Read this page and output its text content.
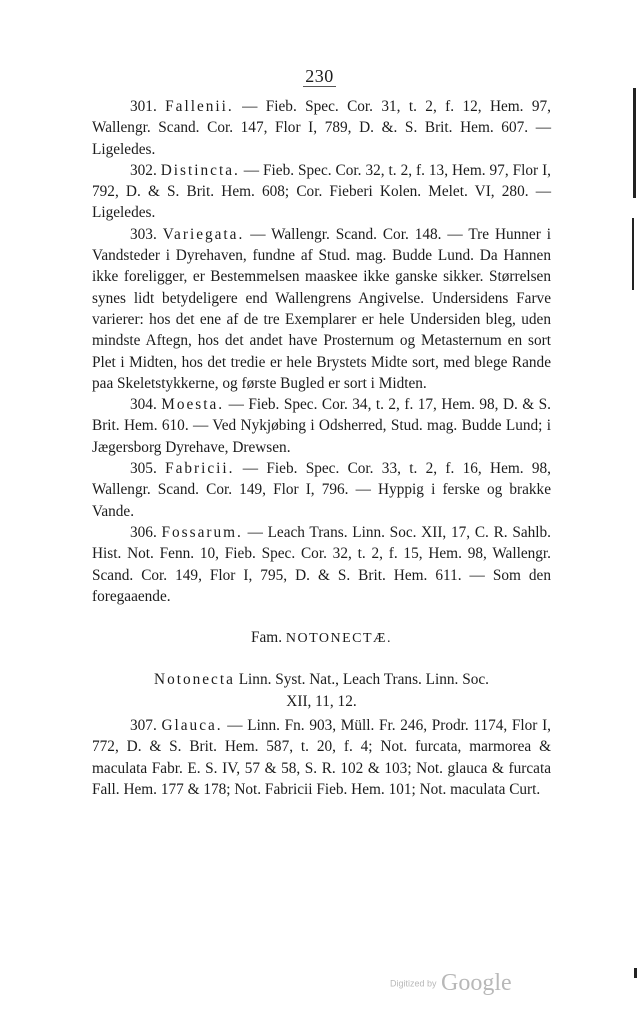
230

301. Fallenii. — Fieb. Spec. Cor. 31, t. 2, f. 12, Hem. 97, Wallengr. Scand. Cor. 147, Flor I, 789, D. &. S. Brit. Hem. 607. — Ligeledes.

302. Distincta. — Fieb. Spec. Cor. 32, t. 2, f. 13, Hem. 97, Flor I, 792, D. & S. Brit. Hem. 608; Cor. Fieberi Kolen. Melet. VI, 280. — Ligeledes.

303. Variegata. — Wallengr. Scand. Cor. 148. — Tre Hunner i Vandsteder i Dyrehaven, fundne af Stud. mag. Budde Lund. Da Hannen ikke foreligger, er Bestemmelsen maaskee ikke ganske sikker. Størrelsen synes lidt betydeligere end Wallengrens Angivelse. Undersidens Farve varierer: hos det ene af de tre Exemplarer er hele Undersiden bleg, uden mindste Aftegn, hos det andet have Prosternum og Metasternum en sort Plet i Midten, hos det tredie er hele Brystets Midte sort, med blege Rande paa Skeletstykkerne, og første Bugled er sort i Midten.

304. Moesta. — Fieb. Spec. Cor. 34, t. 2, f. 17, Hem. 98, D. & S. Brit. Hem. 610. — Ved Nykjøbing i Odsherred, Stud. mag. Budde Lund; i Jægersborg Dyrehave, Drewsen.

305. Fabricii. — Fieb. Spec. Cor. 33, t. 2, f. 16, Hem. 98, Wallengr. Scand. Cor. 149, Flor I, 796. — Hyppig i ferske og brakke Vande.

306. Fossarum. — Leach Trans. Linn. Soc. XII, 17, C. R. Sahlb. Hist. Not. Fenn. 10, Fieb. Spec. Cor. 32, t. 2, f. 15, Hem. 98, Wallengr. Scand. Cor. 149, Flor I, 795, D. & S. Brit. Hem. 611. — Som den foregaaende.

Fam. NOTONECTÆ.

Notonecta Linn. Syst. Nat., Leach Trans. Linn. Soc.
XII, 11, 12.

307. Glauca. — Linn. Fn. 903, Müll. Fr. 246, Prodr. 1174, Flor I, 772, D. & S. Brit. Hem. 587, t. 20, f. 4; Not. furcata, marmorea & maculata Fabr. E. S. IV, 57 & 58, S. R. 102 & 103; Not. glauca & furcata Fall. Hem. 177 & 178; Not. Fabricii Fieb. Hem. 101; Not. maculata Curt.

Digitized by Google
